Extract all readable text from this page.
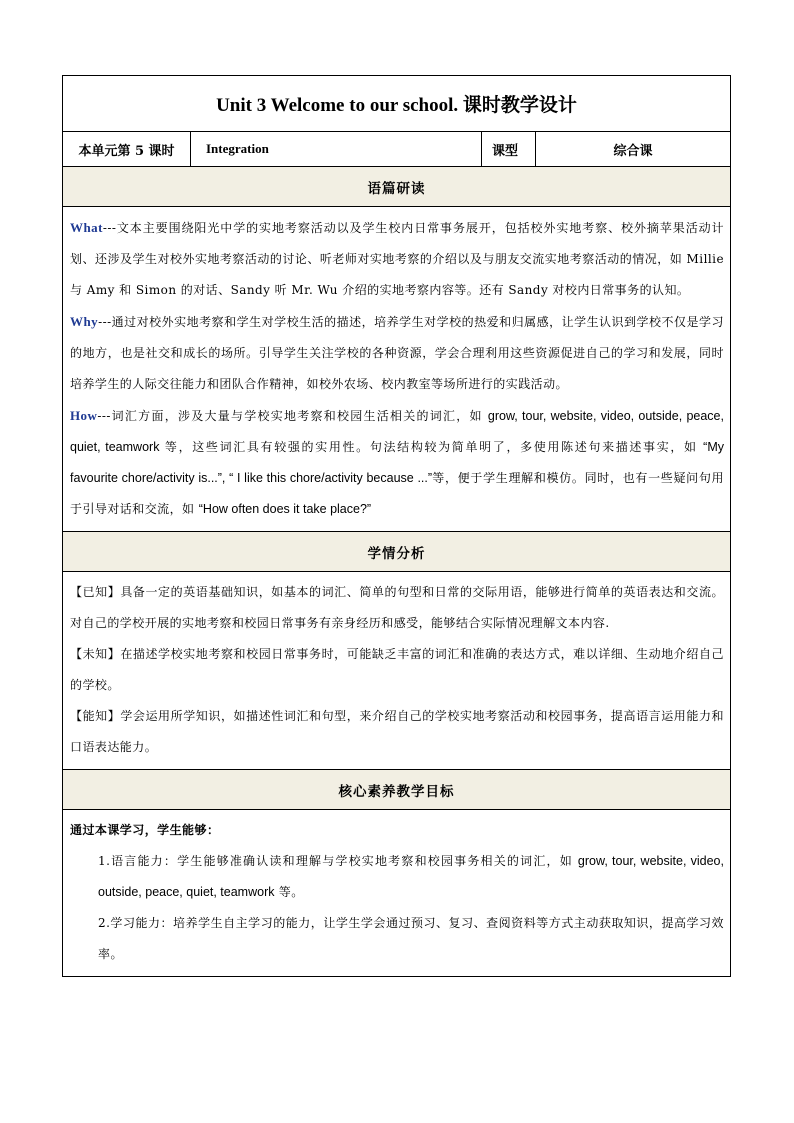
Unit 3 Welcome to our school. 课时教学设计
本单元第 5 课时	Integration	课型	综合课
语篇研读

What---文本主要围绕阳光中学的实地考察活动以及学生校内日常事务展开，包括校外实地考察、校外摘苹果活动计划、还涉及学生对校外实地考察活动的讨论、听老师对实地考察的介绍以及与朋友交流实地考察活动的情况，如 Millie 与 Amy 和 Simon 的对话、Sandy 听 Mr. Wu 介绍的实地考察内容等。还有 Sandy 对校内日常事务的认知。

Why---通过对校外实地考察和学生对学校生活的描述，培养学生对学校的热爱和归属感，让学生认识到学校不仅是学习的地方，也是社交和成长的场所。引导学生关注学校的各种资源，学会合理利用这些资源促进自己的学习和发展，同时培养学生的人际交往能力和团队合作精神，如校外农场、校内教室等场所进行的实践活动。

How---词汇方面，涉及大量与学校实地考察和校园生活相关的词汇，如 grow, tour, website, video, outside, peace, quiet, teamwork 等，这些词汇具有较强的实用性。句法结构较为简单明了，多使用陈述句来描述事实，如 “My favourite chore/activity is...”, “ I like this chore/activity because ...”等，便于学生理解和模仿。同时，也有一些疑问句用于引导对话和交流，如 “How often does it take place?”

学情分析

【已知】具备一定的英语基础知识，如基本的词汇、简单的句型和日常的交际用语，能够进行简单的英语表达和交流。对自己的学校开展的实地考察和校园日常事务有亲身经历和感受，能够结合实际情况理解文本内容.

【未知】在描述学校实地考察和校园日常事务时，可能缺乏丰富的词汇和准确的表达方式，难以详细、生动地介绍自己的学校。

【能知】学会运用所学知识，如描述性词汇和句型，来介绍自己的学校实地考察活动和校园事务，提高语言运用能力和口语表达能力。

核心素养教学目标

通过本课学习，学生能够：

1.语言能力：学生能够准确认读和理解与学校实地考察和校园事务相关的词汇，如 grow, tour, website, video, outside, peace, quiet, teamwork 等。

2.学习能力：培养学生自主学习的能力，让学生学会通过预习、复习、查阅资料等方式主动获取知识，提高学习效率。
